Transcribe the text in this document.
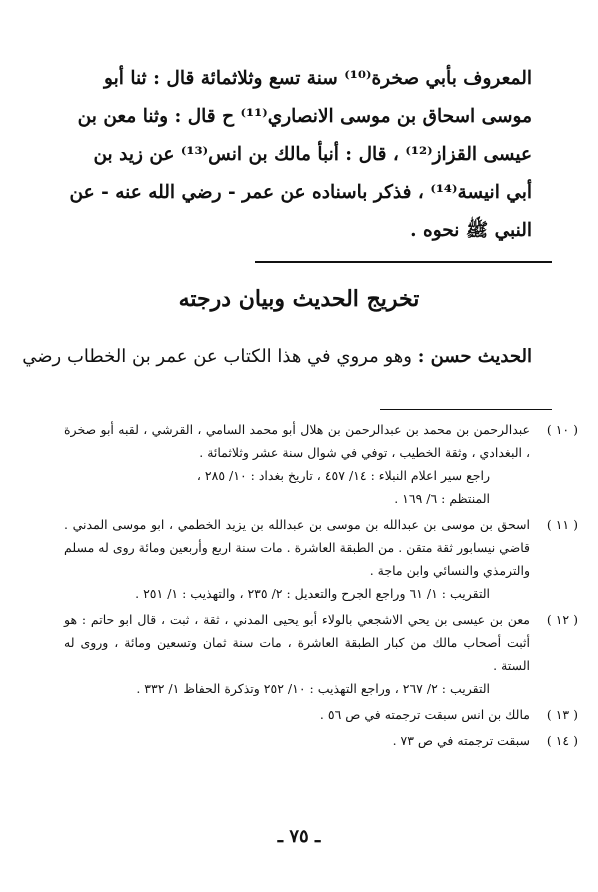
المعروف بأبي صخرة⁽¹⁰⁾ سنة تسع وثلاثمائة قال : ثنا أبو
موسى اسحاق بن موسى الانصاري⁽¹¹⁾ ح قال : وثنا معن بن
عيسى القزاز⁽¹²⁾ ، قال : أنبأ مالك بن انس⁽¹³⁾ عن زيد بن
أبي انيسة⁽¹⁴⁾ ، فذكر باسناده عن عمر - رضي الله عنه - عن
النبي ﷺ نحوه .
تخريج الحديث وبيان درجته
الحديث حسن : وهو مروي في هذا الكتاب عن عمر بن الخطاب رضي
( ١٠ )
عبدالرحمن بن محمد بن عبدالرحمن بن هلال أبو محمد السامي ، القرشي ، لقبه أبو صخرة ، البغدادي ، وثقة الخطيب ، توفي في شوال سنة عشر وثلاثمائة .
راجع سير اعلام النبلاء : ١٤/ ٤٥٧ ، تاريخ بغداد : ١٠/ ٢٨٥ ،
المنتظم : ٦/ ١٦٩ .
( ١١ )
اسحق بن موسى بن عبدالله بن موسى بن عبدالله بن يزيد الخطمي ، ابو موسى المدني . قاضي نيسابور ثقة متقن . من الطبقة العاشرة . مات سنة اربع وأربعين ومائة روى له مسلم والترمذي والنسائي وابن ماجة .
التقريب : ١/ ٦١ وراجع الجرح والتعديل : ٢/ ٢٣٥ ، والتهذيب : ١/ ٢٥١ .
( ١٢ )
معن بن عيسى بن يحي الاشجعي بالولاء أبو يحيى المدني ، ثقة ، ثبت ، قال ابو حاتم : هو أثبت أصحاب مالك من كبار الطبقة العاشرة ، مات سنة ثمان وتسعين ومائة ، وروى له الستة .
التقريب : ٢/ ٢٦٧ ، وراجع التهذيب : ١٠/ ٢٥٢ وتذكرة الحفاظ ١/ ٣٣٢ .
( ١٣ )
مالك بن انس سبقت ترجمته في ص ٥٦ .
( ١٤ )
سبقت ترجمته في ص ٧٣ .
ـ ٧٥ ـ
